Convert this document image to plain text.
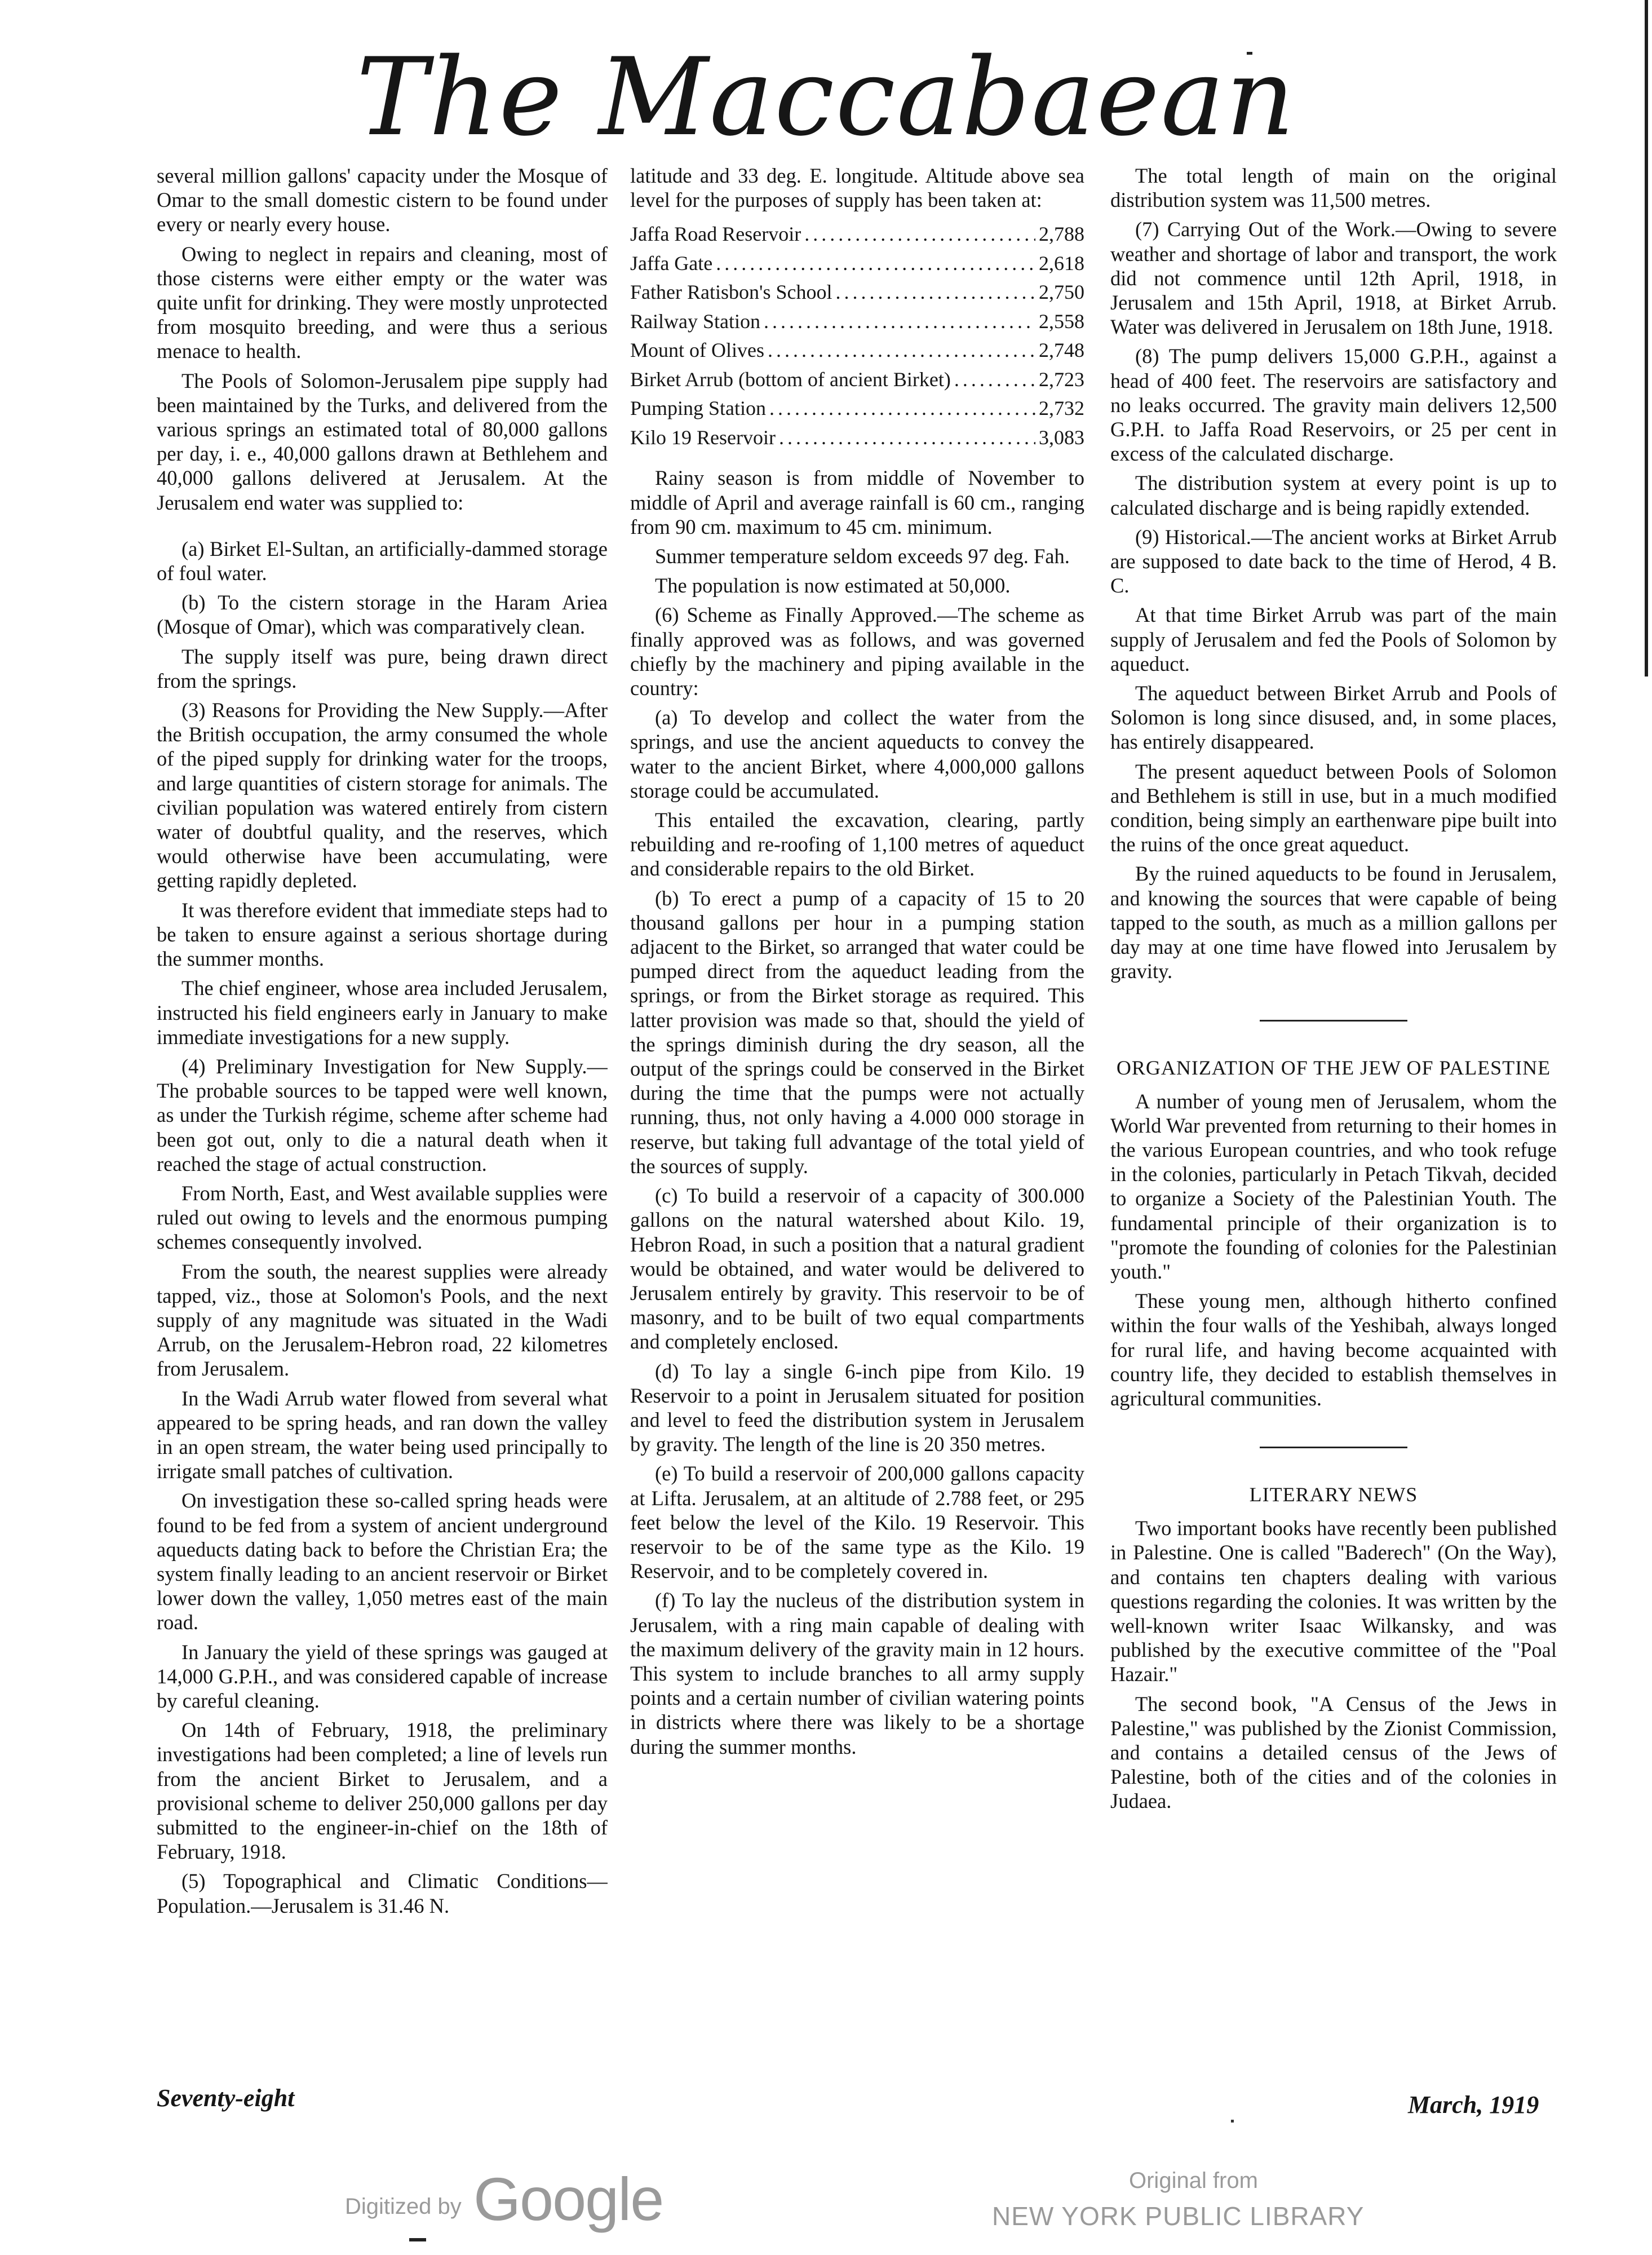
The Maccabaean

several million gallons' capacity under the Mosque of Omar to the small domestic cistern to be found under every or nearly every house.

Owing to neglect in repairs and cleaning, most of those cisterns were either empty or the water was quite unfit for drinking. They were mostly unprotected from mosquito breeding, and were thus a serious menace to health.

The Pools of Solomon-Jerusalem pipe supply had been maintained by the Turks, and delivered from the various springs an estimated total of 80,000 gallons per day, i. e., 40,000 gallons drawn at Bethlehem and 40,000 gallons delivered at Jerusalem. At the Jerusalem end water was supplied to:

(a) Birket El-Sultan, an artificially-dammed storage of foul water.

(b) To the cistern storage in the Haram Ariea (Mosque of Omar), which was comparatively clean.

The supply itself was pure, being drawn direct from the springs.

(3) Reasons for Providing the New Supply.—After the British occupation, the army consumed the whole of the piped supply for drinking water for the troops, and large quantities of cistern storage for animals. The civilian population was watered entirely from cistern water of doubtful quality, and the reserves, which would otherwise have been accumulating, were getting rapidly depleted.

It was therefore evident that immediate steps had to be taken to ensure against a serious shortage during the summer months.

The chief engineer, whose area included Jerusalem, instructed his field engineers early in January to make immediate investigations for a new supply.

(4) Preliminary Investigation for New Supply.—The probable sources to be tapped were well known, as under the Turkish régime, scheme after scheme had been got out, only to die a natural death when it reached the stage of actual construction.

From North, East, and West available supplies were ruled out owing to levels and the enormous pumping schemes consequently involved.

From the south, the nearest supplies were already tapped, viz., those at Solomon's Pools, and the next supply of any magnitude was situated in the Wadi Arrub, on the Jerusalem-Hebron road, 22 kilometres from Jerusalem.

In the Wadi Arrub water flowed from several what appeared to be spring heads, and ran down the valley in an open stream, the water being used principally to irrigate small patches of cultivation.

On investigation these so-called spring heads were found to be fed from a system of ancient underground aqueducts dating back to before the Christian Era; the system finally leading to an ancient reservoir or Birket lower down the valley, 1,050 metres east of the main road.

In January the yield of these springs was gauged at 14,000 G.P.H., and was considered capable of increase by careful cleaning.

On 14th of February, 1918, the preliminary investigations had been completed; a line of levels run from the ancient Birket to Jerusalem, and a provisional scheme to deliver 250,000 gallons per day submitted to the engineer-in-chief on the 18th of February, 1918.

(5) Topographical and Climatic Conditions—Population.—Jerusalem is 31.46 N.

latitude and 33 deg. E. longitude. Altitude above sea level for the purposes of supply has been taken at:

Jaffa Road Reservoir .....	2,788
Jaffa Gate .....	2,618
Father Ratisbon's School .....	2,750
Railway Station .....	2,558
Mount of Olives .....	2,748
Birket Arrub (bottom of ancient Birket) .....	2,723
Pumping Station .....	2,732
Kilo 19 Reservoir .....	3,083

Rainy season is from middle of November to middle of April and average rainfall is 60 cm., ranging from 90 cm. maximum to 45 cm. minimum.

Summer temperature seldom exceeds 97 deg. Fah.

The population is now estimated at 50,000.

(6) Scheme as Finally Approved.—The scheme as finally approved was as follows, and was governed chiefly by the machinery and piping available in the country:

(a) To develop and collect the water from the springs, and use the ancient aqueducts to convey the water to the ancient Birket, where 4,000,000 gallons storage could be accumulated.

This entailed the excavation, clearing, partly rebuilding and re-roofing of 1,100 metres of aqueduct and considerable repairs to the old Birket.

(b) To erect a pump of a capacity of 15 to 20 thousand gallons per hour in a pumping station adjacent to the Birket, so arranged that water could be pumped direct from the aqueduct leading from the springs, or from the Birket storage as required. This latter provision was made so that, should the yield of the springs diminish during the dry season, all the output of the springs could be conserved in the Birket during the time that the pumps were not actually running, thus, not only having a 4.000 000 storage in reserve, but taking full advantage of the total yield of the sources of supply.

(c) To build a reservoir of a capacity of 300.000 gallons on the natural watershed about Kilo. 19, Hebron Road, in such a position that a natural gradient would be obtained, and water would be delivered to Jerusalem entirely by gravity. This reservoir to be of masonry, and to be built of two equal compartments and completely enclosed.

(d) To lay a single 6-inch pipe from Kilo. 19 Reservoir to a point in Jerusalem situated for position and level to feed the distribution system in Jerusalem by gravity. The length of the line is 20 350 metres.

(e) To build a reservoir of 200,000 gallons capacity at Lifta. Jerusalem, at an altitude of 2.788 feet, or 295 feet below the level of the Kilo. 19 Reservoir. This reservoir to be of the same type as the Kilo. 19 Reservoir, and to be completely covered in.

(f) To lay the nucleus of the distribution system in Jerusalem, with a ring main capable of dealing with the maximum delivery of the gravity main in 12 hours. This system to include branches to all army supply points and a certain number of civilian watering points in districts where there was likely to be a shortage during the summer months.

The total length of main on the original distribution system was 11,500 metres.

(7) Carrying Out of the Work.—Owing to severe weather and shortage of labor and transport, the work did not commence until 12th April, 1918, in Jerusalem and 15th April, 1918, at Birket Arrub. Water was delivered in Jerusalem on 18th June, 1918.

(8) The pump delivers 15,000 G.P.H., against a head of 400 feet. The reservoirs are satisfactory and no leaks occurred. The gravity main delivers 12,500 G.P.H. to Jaffa Road Reservoirs, or 25 per cent in excess of the calculated discharge.

The distribution system at every point is up to calculated discharge and is being rapidly extended.

(9) Historical.—The ancient works at Birket Arrub are supposed to date back to the time of Herod, 4 B. C.

At that time Birket Arrub was part of the main supply of Jerusalem and fed the Pools of Solomon by aqueduct.

The aqueduct between Birket Arrub and Pools of Solomon is long since disused, and, in some places, has entirely disappeared.

The present aqueduct between Pools of Solomon and Bethlehem is still in use, but in a much modified condition, being simply an earthenware pipe built into the ruins of the once great aqueduct.

By the ruined aqueducts to be found in Jerusalem, and knowing the sources that were capable of being tapped to the south, as much as a million gallons per day may at one time have flowed into Jerusalem by gravity.

ORGANIZATION OF THE JEW OF PALESTINE

A number of young men of Jerusalem, whom the World War prevented from returning to their homes in the various European countries, and who took refuge in the colonies, particularly in Petach Tikvah, decided to organize a Society of the Palestinian Youth. The fundamental principle of their organization is to "promote the founding of colonies for the Palestinian youth."

These young men, although hitherto confined within the four walls of the Yeshibah, always longed for rural life, and having become acquainted with country life, they decided to establish themselves in agricultural communities.

LITERARY NEWS

Two important books have recently been published in Palestine. One is called "Baderech" (On the Way), and contains ten chapters dealing with various questions regarding the colonies. It was written by the well-known writer Isaac Wilkansky, and was published by the executive committee of the "Poal Hazair."

The second book, "A Census of the Jews in Palestine," was published by the Zionist Commission, and contains a detailed census of the Jews of Palestine, both of the cities and of the colonies in Judaea.

Seventy-eight	March, 1919
Digitized by Google	Original from
NEW YORK PUBLIC LIBRARY
